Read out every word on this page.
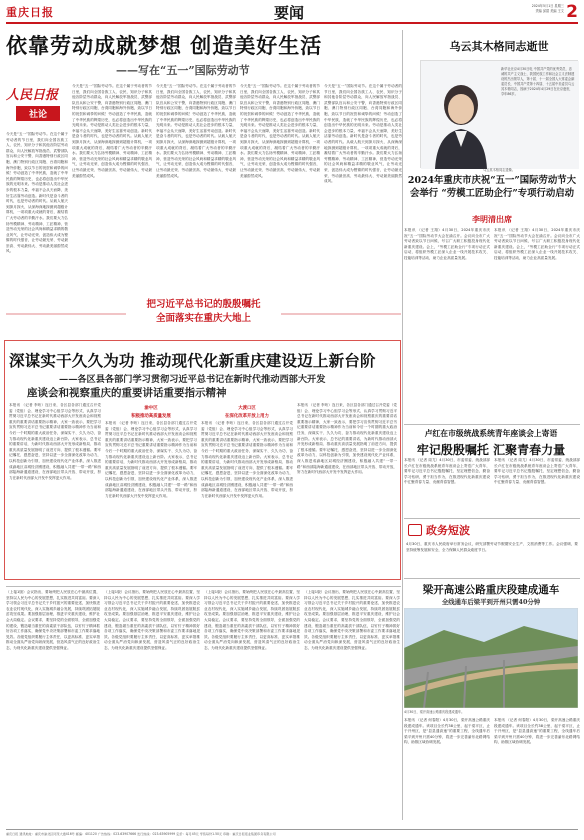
重庆日报	要闻	2024年5月1日 星期三
责编 邱碧 美编 王文 2
依靠劳动成就梦想 创造美好生活
——写在“五一”国际劳动节
人民日报
社论
今天是“五一”国际劳动节。在这个属于劳动者的节日里，我们向全国各族工人、农民、知识分子和其他各阶层劳动群众，向人民解放军指战员、武警部队官兵和公安干警，向香港特别行政区同胞、澳门特别行政区同胞、台湾同胞和海外侨胞，致以节日的祝贺和诚挚的问候！劳动创造了中华民族，造就了中华民族的辉煌历史，也必将创造出中华民族的光明未来。劳动是推动人类社会进步的根本力量，幸福不会从天而降，美好生活靠劳动创造。新时代是奋斗者的时代，也是劳动者的时代。从载人航天到探月探火，从深海深地探测到超级计算机，一项项重大成就的背后，凝结着广大劳动者的辛勤汗水。我们要大力弘扬劳模精神、劳动精神、工匠精神，营造劳动光荣的社会风尚和精益求精的敬业风气，让劳动光荣、创造伟大成为铿锵的时代强音，让劳动最光荣、劳动最崇高、劳动最伟大、劳动最美丽蔚然成风。
今天是“五一”国际劳动节。在这个属于劳动者的节日里，我们向全国各族工人、农民、知识分子和其他各阶层劳动群众，向人民解放军指战员、武警部队官兵和公安干警，向香港特别行政区同胞、澳门特别行政区同胞、台湾同胞和海外侨胞，致以节日的祝贺和诚挚的问候！劳动创造了中华民族，造就了中华民族的辉煌历史，也必将创造出中华民族的光明未来。劳动是推动人类社会进步的根本力量，幸福不会从天而降，美好生活靠劳动创造。新时代是奋斗者的时代，也是劳动者的时代。从载人航天到探月探火，从深海深地探测到超级计算机，一项项重大成就的背后，凝结着广大劳动者的辛勤汗水。我们要大力弘扬劳模精神、劳动精神、工匠精神，营造劳动光荣的社会风尚和精益求精的敬业风气，让劳动光荣、创造伟大成为铿锵的时代强音，让劳动最光荣、劳动最崇高、劳动最伟大、劳动最美丽蔚然成风。
今天是“五一”国际劳动节。在这个属于劳动者的节日里，我们向全国各族工人、农民、知识分子和其他各阶层劳动群众，向人民解放军指战员、武警部队官兵和公安干警，向香港特别行政区同胞、澳门特别行政区同胞、台湾同胞和海外侨胞，致以节日的祝贺和诚挚的问候！劳动创造了中华民族，造就了中华民族的辉煌历史，也必将创造出中华民族的光明未来。劳动是推动人类社会进步的根本力量，幸福不会从天而降，美好生活靠劳动创造。新时代是奋斗者的时代，也是劳动者的时代。从载人航天到探月探火，从深海深地探测到超级计算机，一项项重大成就的背后，凝结着广大劳动者的辛勤汗水。我们要大力弘扬劳模精神、劳动精神、工匠精神，营造劳动光荣的社会风尚和精益求精的敬业风气，让劳动光荣、创造伟大成为铿锵的时代强音，让劳动最光荣、劳动最崇高、劳动最伟大、劳动最美丽蔚然成风。
今天是“五一”国际劳动节。在这个属于劳动者的节日里，我们向全国各族工人、农民、知识分子和其他各阶层劳动群众，向人民解放军指战员、武警部队官兵和公安干警，向香港特别行政区同胞、澳门特别行政区同胞、台湾同胞和海外侨胞，致以节日的祝贺和诚挚的问候！劳动创造了中华民族，造就了中华民族的辉煌历史，也必将创造出中华民族的光明未来。劳动是推动人类社会进步的根本力量，幸福不会从天而降，美好生活靠劳动创造。新时代是奋斗者的时代，也是劳动者的时代。从载人航天到探月探火，从深海深地探测到超级计算机，一项项重大成就的背后，凝结着广大劳动者的辛勤汗水。我们要大力弘扬劳模精神、劳动精神、工匠精神，营造劳动光荣的社会风尚和精益求精的敬业风气，让劳动光荣、创造伟大成为铿锵的时代强音，让劳动最光荣、劳动最崇高、劳动最伟大、劳动最美丽蔚然成风。
今天是“五一”国际劳动节。在这个属于劳动者的节日里，我们向全国各族工人、农民、知识分子和其他各阶层劳动群众，向人民解放军指战员、武警部队官兵和公安干警，向香港特别行政区同胞、澳门特别行政区同胞、台湾同胞和海外侨胞，致以节日的祝贺和诚挚的问候！劳动创造了中华民族，造就了中华民族的辉煌历史，也必将创造出中华民族的光明未来。劳动是推动人类社会进步的根本力量，幸福不会从天而降，美好生活靠劳动创造。新时代是奋斗者的时代，也是劳动者的时代。从载人航天到探月探火，从深海深地探测到超级计算机，一项项重大成就的背后，凝结着广大劳动者的辛勤汗水。我们要大力弘扬劳模精神、劳动精神、工匠精神，营造劳动光荣的社会风尚和精益求精的敬业风气，让劳动光荣、创造伟大成为铿锵的时代强音，让劳动最光荣、劳动最崇高、劳动最伟大、劳动最美丽蔚然成风。
乌云其木格同志逝世
新华社北京4月30日电 中国共产党的优秀党员，忠诚的共产主义战士，我国民族工作和社会主义法制建设的杰出领导人，第十届、十一届全国人大常委会副委员长，中国共产党第十四届、十五届中央委员乌云其木格同志，因病于2024年4月29日在北京逝世，享年86岁。
乌云其木格同志遗像。
2024年重庆市庆祝“五一”国际劳动节大会举行 “劳模工匠助企行”专项行动启动
李明清出席
本报讯 （记者 王翔）4月30日，2024年重庆市庆祝“五一”国际劳动节大会在渝召开。会议向全市广大劳动者致以节日问候，号召广大职工积极投身现代化新重庆建设。会上，“劳模工匠助企行”专项行动正式启动，将组织劳模工匠深入企业一线开展技术攻关、技能培训等活动，助力企业高质量发展。
本报讯 （记者 王翔）4月30日，2024年重庆市庆祝“五一”国际劳动节大会在渝召开。会议向全市广大劳动者致以节日问候，号召广大职工积极投身现代化新重庆建设。会上，“劳模工匠助企行”专项行动正式启动，将组织劳模工匠深入企业一线开展技术攻关、技能培训等活动，助力企业高质量发展。
把习近平总书记的殷殷嘱托
全面落实在重庆大地上
深谋实干久久为功 推动现代化新重庆建设迈上新台阶
——各区县各部门学习贯彻习近平总书记在新时代推动西部大开发
座谈会和视察重庆的重要讲话重要指示精神
本报讯 （记者 李珩）连日来，各区县各部门通过召开党委（党组）会、理论学习中心组学习会等形式，认真学习贯彻习近平总书记在新时代推动西部大开发座谈会和视察重庆的重要讲话重要指示精神，大家一致表示，要把学习宣传贯彻习近平总书记重要讲话重要指示精神作为当前和今后一个时期的重大政治任务，深谋实干、久久为功，奋力推动现代化新重庆建设迈上新台阶。大家表示，总书记的重要讲话，为新时代推动西部大开发形成新格局、推动重庆高质量发展指明了前进方向、提供了根本遵循。要牢记嘱托、感恩奋进，坚持以进一步全面深化改革为动力，以科技创新为引领，加快建设现代化产业体系，深入推进成渝地区双城经济圈建设，积极融入共建“一带一路”和西部陆海新通道建设，在西部地区带头开放、带动开放，努力在新时代西部大开发中发挥更大作用。
渝中区
积极推动高质量发展
本报讯 （记者 李珩）连日来，各区县各部门通过召开党委（党组）会、理论学习中心组学习会等形式，认真学习贯彻习近平总书记在新时代推动西部大开发座谈会和视察重庆的重要讲话重要指示精神，大家一致表示，要把学习宣传贯彻习近平总书记重要讲话重要指示精神作为当前和今后一个时期的重大政治任务，深谋实干、久久为功，奋力推动现代化新重庆建设迈上新台阶。大家表示，总书记的重要讲话，为新时代推动西部大开发形成新格局、推动重庆高质量发展指明了前进方向、提供了根本遵循。要牢记嘱托、感恩奋进，坚持以进一步全面深化改革为动力，以科技创新为引领，加快建设现代化产业体系，深入推进成渝地区双城经济圈建设，积极融入共建“一带一路”和西部陆海新通道建设，在西部地区带头开放、带动开放，努力在新时代西部大开发中发挥更大作用。
大渡口区
在深化改革开放上用力
本报讯 （记者 李珩）连日来，各区县各部门通过召开党委（党组）会、理论学习中心组学习会等形式，认真学习贯彻习近平总书记在新时代推动西部大开发座谈会和视察重庆的重要讲话重要指示精神，大家一致表示，要把学习宣传贯彻习近平总书记重要讲话重要指示精神作为当前和今后一个时期的重大政治任务，深谋实干、久久为功，奋力推动现代化新重庆建设迈上新台阶。大家表示，总书记的重要讲话，为新时代推动西部大开发形成新格局、推动重庆高质量发展指明了前进方向、提供了根本遵循。要牢记嘱托、感恩奋进，坚持以进一步全面深化改革为动力，以科技创新为引领，加快建设现代化产业体系，深入推进成渝地区双城经济圈建设，积极融入共建“一带一路”和西部陆海新通道建设，在西部地区带头开放、带动开放，努力在新时代西部大开发中发挥更大作用。
本报讯 （记者 李珩）连日来，各区县各部门通过召开党委（党组）会、理论学习中心组学习会等形式，认真学习贯彻习近平总书记在新时代推动西部大开发座谈会和视察重庆的重要讲话重要指示精神，大家一致表示，要把学习宣传贯彻习近平总书记重要讲话重要指示精神作为当前和今后一个时期的重大政治任务，深谋实干、久久为功，奋力推动现代化新重庆建设迈上新台阶。大家表示，总书记的重要讲话，为新时代推动西部大开发形成新格局、推动重庆高质量发展指明了前进方向、提供了根本遵循。要牢记嘱托、感恩奋进，坚持以进一步全面深化改革为动力，以科技创新为引领，加快建设现代化产业体系，深入推进成渝地区双城经济圈建设，积极融入共建“一带一路”和西部陆海新通道建设，在西部地区带头开放、带动开放，努力在新时代西部大开发中发挥更大作用。
（上接1版）会议指出，要始终把人民放在心中最高位置，坚持以人民为中心的发展思想，扎实推进共同富裕。要深入学习领会习近平总书记关于乡村振兴的重要论述，加快推进农业农村现代化，深入实施城乡融合发展，持续巩固拓展脱贫攻坚成果。要加强基层治理，推进平安重庆建设，维护社会大局稳定。会议要求，要坚持党的全面领导，全面加强党的建设，锻造堪当重任的高素质干部队伍，以钉钉子精神抓好各项工作落实，确保党中央决策部署和市委工作要求落地见效。各级党组织要履行主体责任，以更高标准、更实举措推动全面从严治党向纵深发展，营造风清气正的良好政治生态，为现代化新重庆建设提供坚强保证。
（上接1版）会议指出，要始终把人民放在心中最高位置，坚持以人民为中心的发展思想，扎实推进共同富裕。要深入学习领会习近平总书记关于乡村振兴的重要论述，加快推进农业农村现代化，深入实施城乡融合发展，持续巩固拓展脱贫攻坚成果。要加强基层治理，推进平安重庆建设，维护社会大局稳定。会议要求，要坚持党的全面领导，全面加强党的建设，锻造堪当重任的高素质干部队伍，以钉钉子精神抓好各项工作落实，确保党中央决策部署和市委工作要求落地见效。各级党组织要履行主体责任，以更高标准、更实举措推动全面从严治党向纵深发展，营造风清气正的良好政治生态，为现代化新重庆建设提供坚强保证。
（上接1版）会议指出，要始终把人民放在心中最高位置，坚持以人民为中心的发展思想，扎实推进共同富裕。要深入学习领会习近平总书记关于乡村振兴的重要论述，加快推进农业农村现代化，深入实施城乡融合发展，持续巩固拓展脱贫攻坚成果。要加强基层治理，推进平安重庆建设，维护社会大局稳定。会议要求，要坚持党的全面领导，全面加强党的建设，锻造堪当重任的高素质干部队伍，以钉钉子精神抓好各项工作落实，确保党中央决策部署和市委工作要求落地见效。各级党组织要履行主体责任，以更高标准、更实举措推动全面从严治党向纵深发展，营造风清气正的良好政治生态，为现代化新重庆建设提供坚强保证。
（上接1版）会议指出，要始终把人民放在心中最高位置，坚持以人民为中心的发展思想，扎实推进共同富裕。要深入学习领会习近平总书记关于乡村振兴的重要论述，加快推进农业农村现代化，深入实施城乡融合发展，持续巩固拓展脱贫攻坚成果。要加强基层治理，推进平安重庆建设，维护社会大局稳定。会议要求，要坚持党的全面领导，全面加强党的建设，锻造堪当重任的高素质干部队伍，以钉钉子精神抓好各项工作落实，确保党中央决策部署和市委工作要求落地见效。各级党组织要履行主体责任，以更高标准、更实举措推动全面从严治党向纵深发展，营造风清气正的良好政治生态，为现代化新重庆建设提供坚强保证。
卢红在市级统战系统青年座谈会上寄语
牢记殷殷嘱托 汇聚青春力量
本报讯 （记者 周尤）4月30日，市委常委、统战部部长卢红在市级统战系统青年座谈会上寄语广大青年，要牢记习近平总书记殷殷嘱托，坚定理想信念，勤奋学习钻研，勇于担当作为，在推进现代化新重庆建设中汇聚青春力量、贡献青春智慧。
本报讯 （记者 周尤）4月30日，市委常委、统战部部长卢红在市级统战系统青年座谈会上寄语广大青年，要牢记习近平总书记殷殷嘱托，坚定理想信念，勤奋学习钻研，勇于担当作为，在推进现代化新重庆建设中汇聚青春力量、贡献青春智慧。
政务短波
4月30日，重庆市人民政府举行常务会议，研究部署劳动节假期安全生产、文旅消费等工作。会议强调，要坚持统筹发展和安全，全力保障人民群众欢度节日。
梁开高速公路重庆段建成通车
全线通车后梁平到开州只需40分钟
4月30日，梁开高速公路重庆段建成通车。
本报讯 （记者 何春阳）4月30日，梁开高速公路重庆段建成通车。该项目全长约38公里，起于梁平区，止于开州区，是“县县通高速”的重要工程，全线通车后梁平到开州只需40分钟，将进一步完善渝东北路网结构，助推区域协调发展。
本报讯 （记者 何春阳）4月30日，梁开高速公路重庆段建成通车。该项目全长约38公里，起于梁平区，止于开州区，是“县县通高速”的重要工程，全线通车后梁平到开州只需40分钟，将进一步完善渝东北路网结构，助推区域协调发展。
重庆日报 通讯地址：重庆市渝北区同茂大道416号 邮编：401120 广告热线：023-63907666 发行热线：023-63905999 定价：每月45元 零售每份1.50元 印刷：重庆日报报业集团印务有限公司
